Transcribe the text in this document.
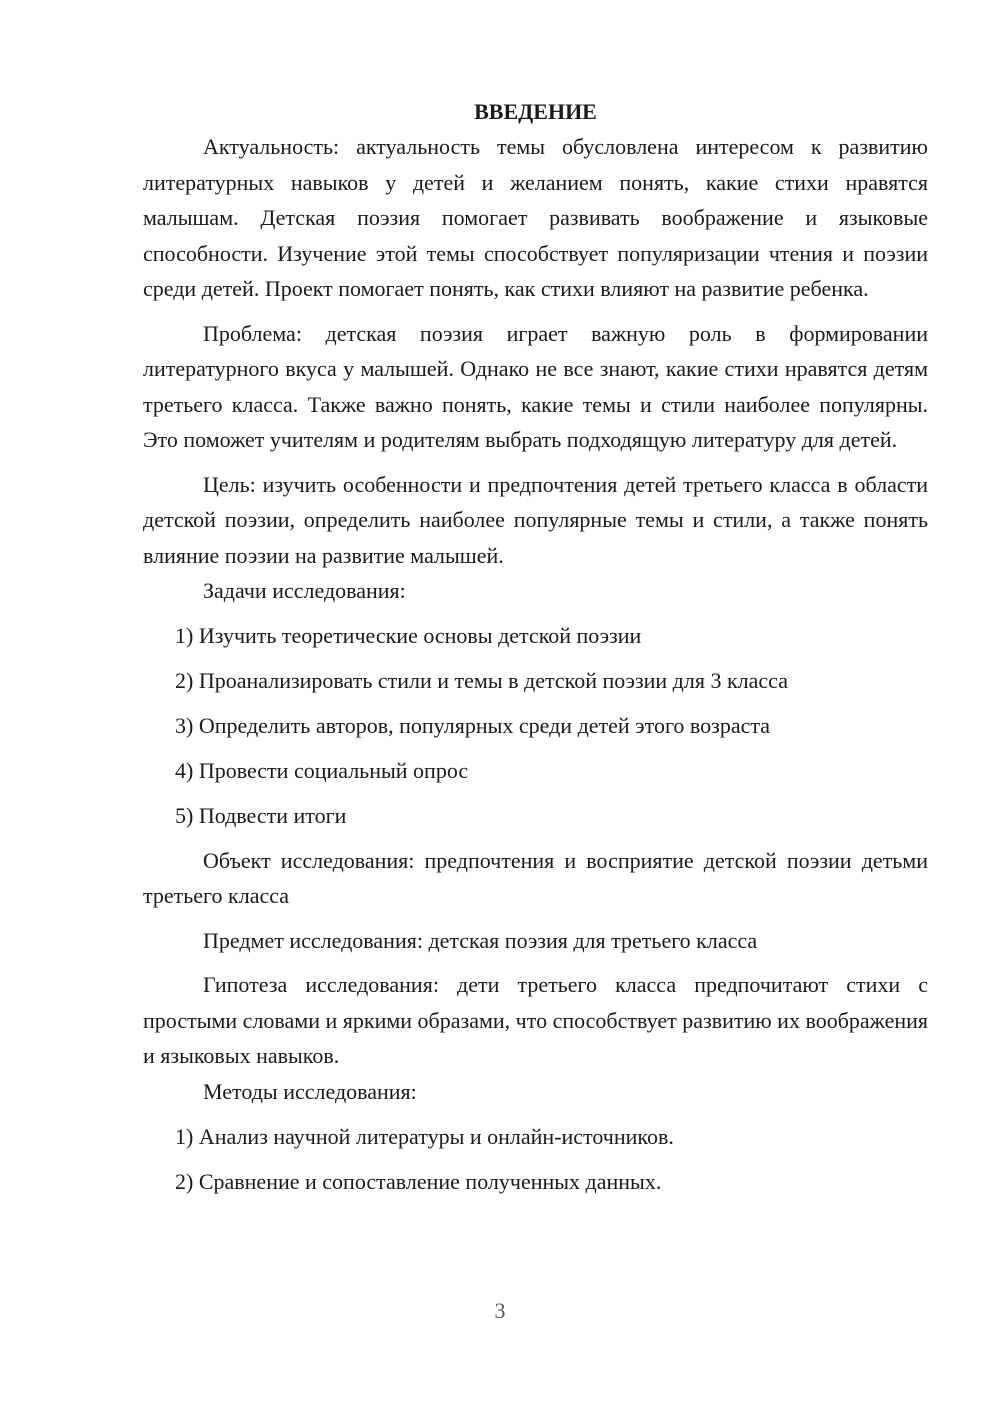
ВВЕДЕНИЕ

Актуальность: актуальность темы обусловлена интересом к развитию литературных навыков у детей и желанием понять, какие стихи нравятся малышам. Детская поэзия помогает развивать воображение и языковые способности. Изучение этой темы способствует популяризации чтения и поэзии среди детей. Проект помогает понять, как стихи влияют на развитие ребенка.

Проблема: детская поэзия играет важную роль в формировании литературного вкуса у малышей. Однако не все знают, какие стихи нравятся детям третьего класса. Также важно понять, какие темы и стили наиболее популярны. Это поможет учителям и родителям выбрать подходящую литературу для детей.

Цель: изучить особенности и предпочтения детей третьего класса в области детской поэзии, определить наиболее популярные темы и стили, а также понять влияние поэзии на развитие малышей.

Задачи исследования:

1) Изучить теоретические основы детской поэзии
2) Проанализировать стили и темы в детской поэзии для 3 класса
3) Определить авторов, популярных среди детей этого возраста
4) Провести социальный опрос
5) Подвести итоги

Объект исследования: предпочтения и восприятие детской поэзии детьми третьего класса

Предмет исследования: детская поэзия для третьего класса

Гипотеза исследования: дети третьего класса предпочитают стихи с простыми словами и яркими образами, что способствует развитию их воображения и языковых навыков.

Методы исследования:

1) Анализ научной литературы и онлайн-источников.
2) Сравнение и сопоставление полученных данных.
3
